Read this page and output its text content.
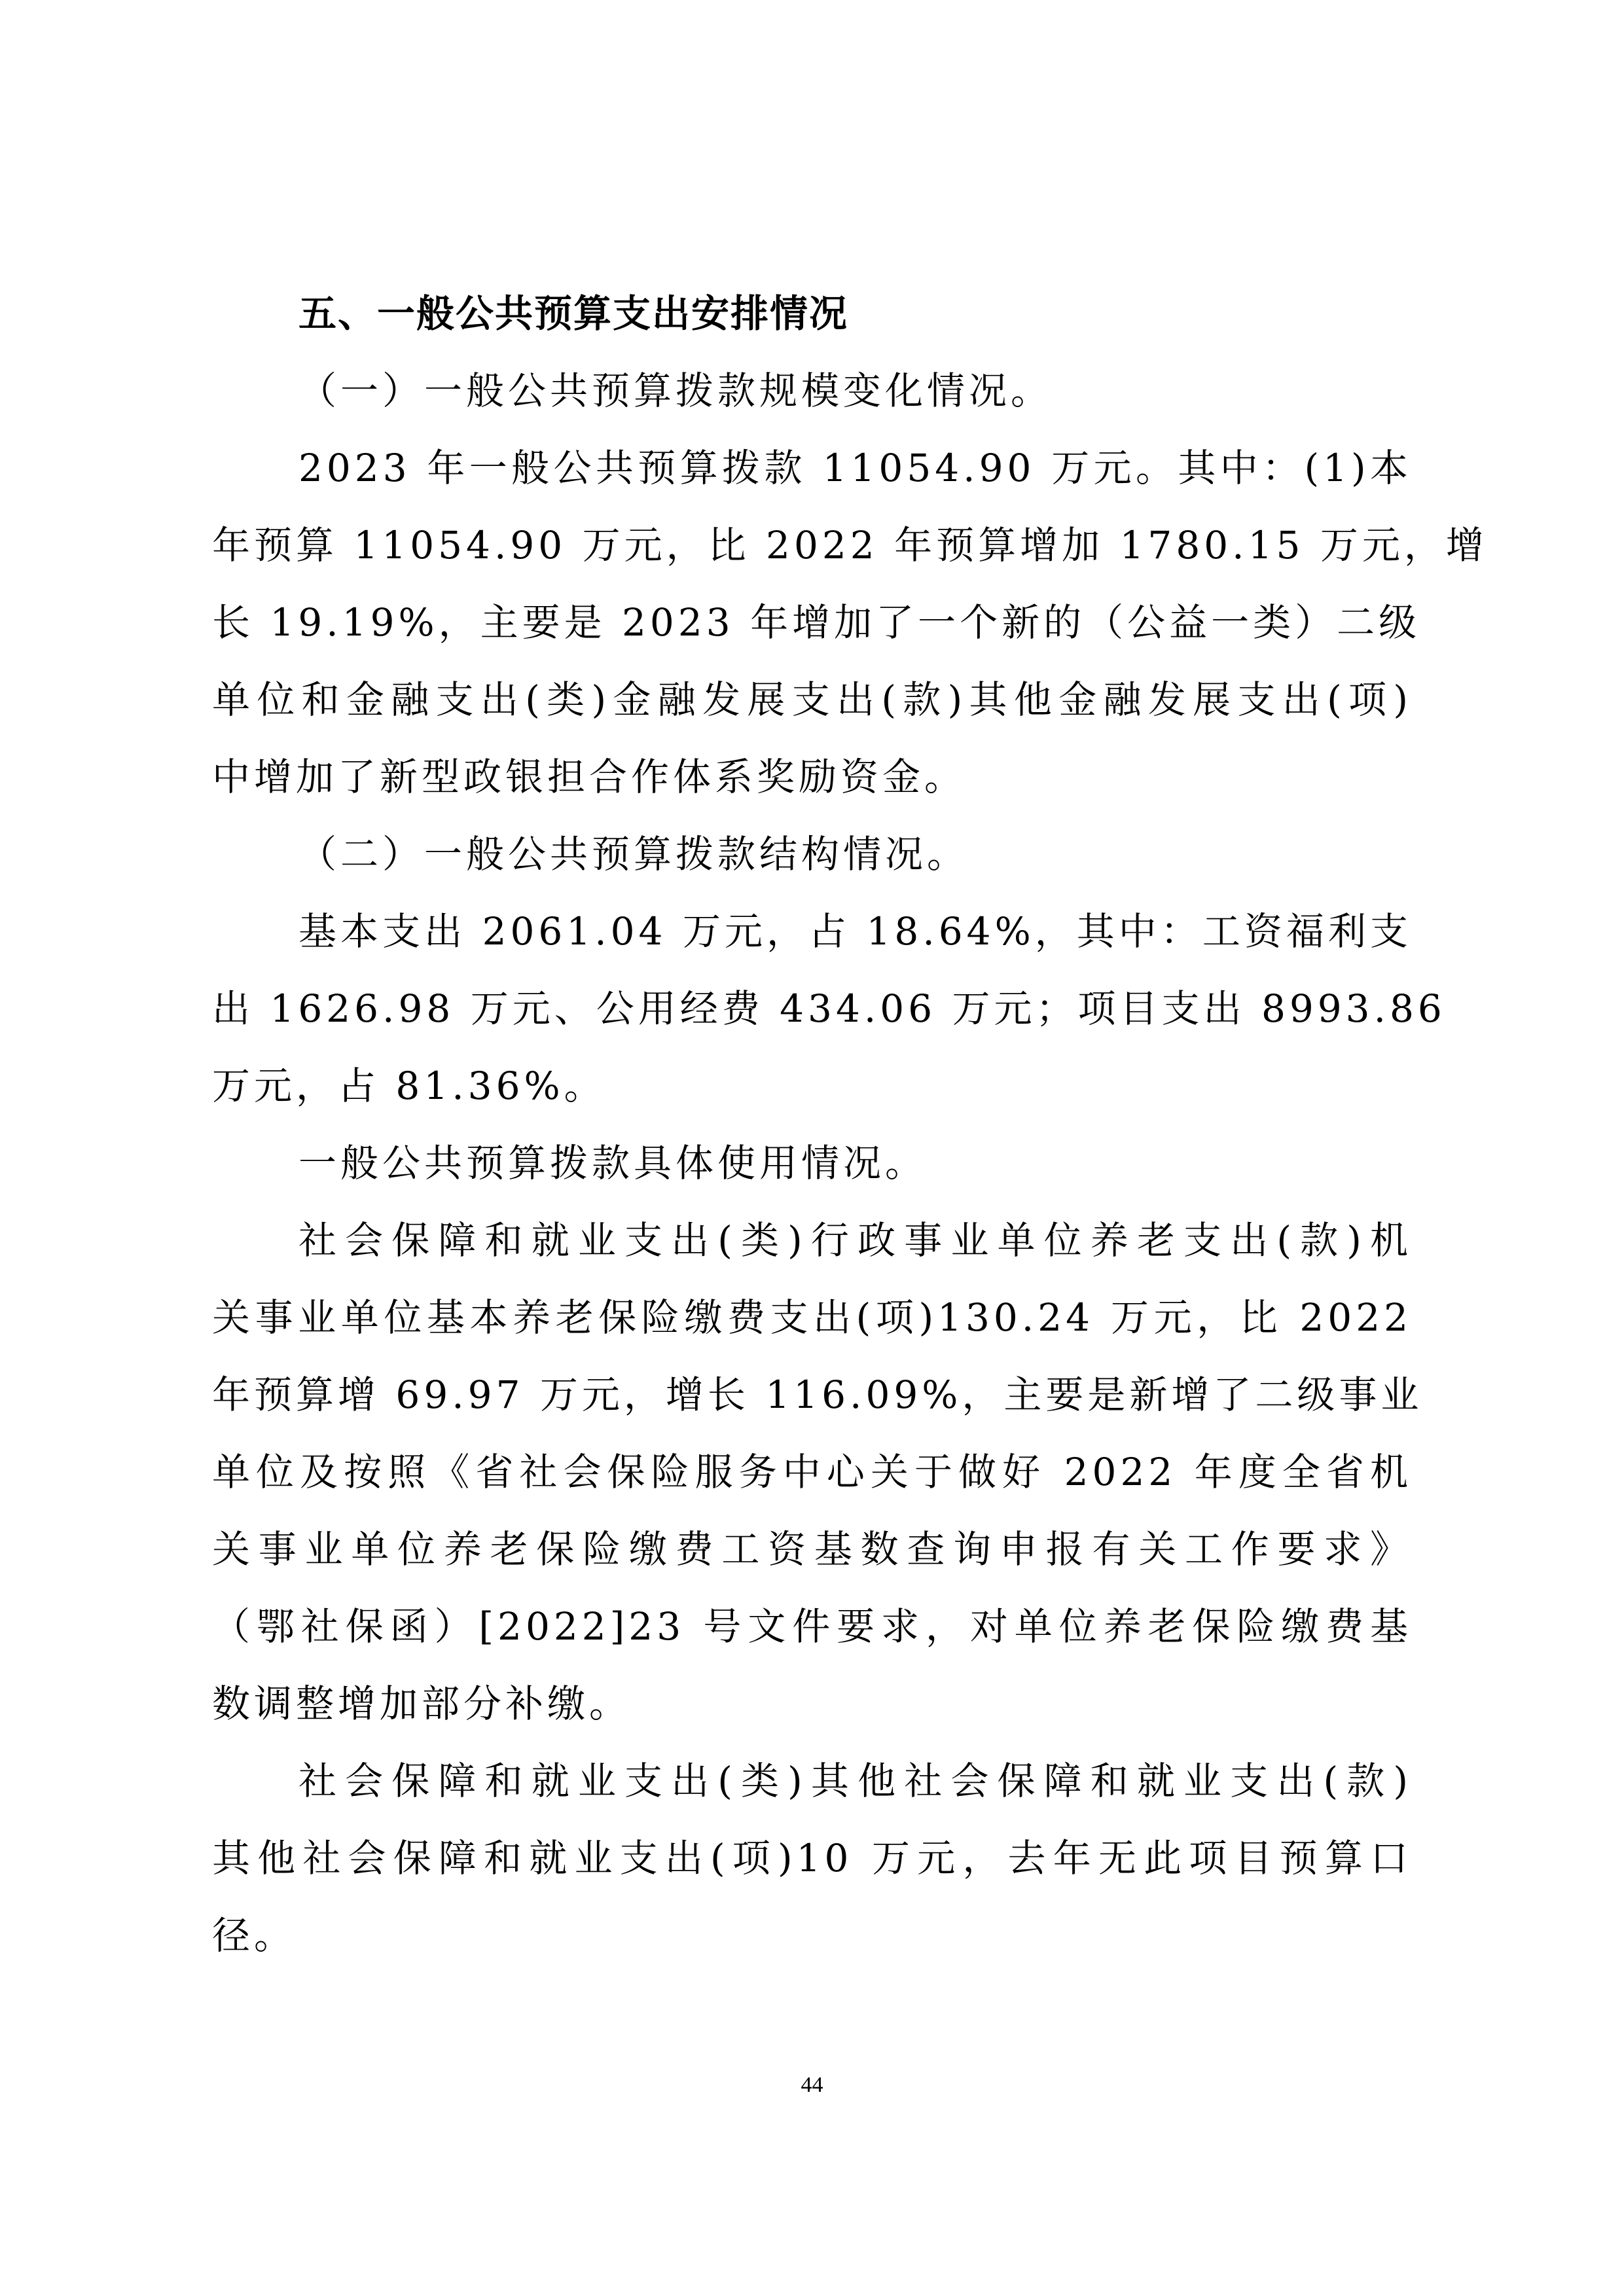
五、一般公共预算支出安排情况
（一）一般公共预算拨款规模变化情况。
2023 年一般公共预算拨款 11054.90 万元。其中：(1)本
年预算 11054.90 万元，比 2022 年预算增加 1780.15 万元，增
长 19.19%，主要是 2023 年增加了一个新的（公益一类）二级
单位和金融支出(类)金融发展支出(款)其他金融发展支出(项)
中增加了新型政银担合作体系奖励资金。
（二）一般公共预算拨款结构情况。
基本支出 2061.04 万元，占 18.64%，其中：工资福利支
出 1626.98 万元、公用经费 434.06 万元；项目支出 8993.86
万元，占 81.36%。
一般公共预算拨款具体使用情况。
社会保障和就业支出(类)行政事业单位养老支出(款)机
关事业单位基本养老保险缴费支出(项)130.24 万元，比 2022
年预算增 69.97 万元，增长 116.09%，主要是新增了二级事业
单位及按照《省社会保险服务中心关于做好 2022 年度全省机
关事业单位养老保险缴费工资基数查询申报有关工作要求》
（鄂社保函）[2022]23 号文件要求，对单位养老保险缴费基
数调整增加部分补缴。
社会保障和就业支出(类)其他社会保障和就业支出(款)
其他社会保障和就业支出(项)10 万元，去年无此项目预算口
径。
44
